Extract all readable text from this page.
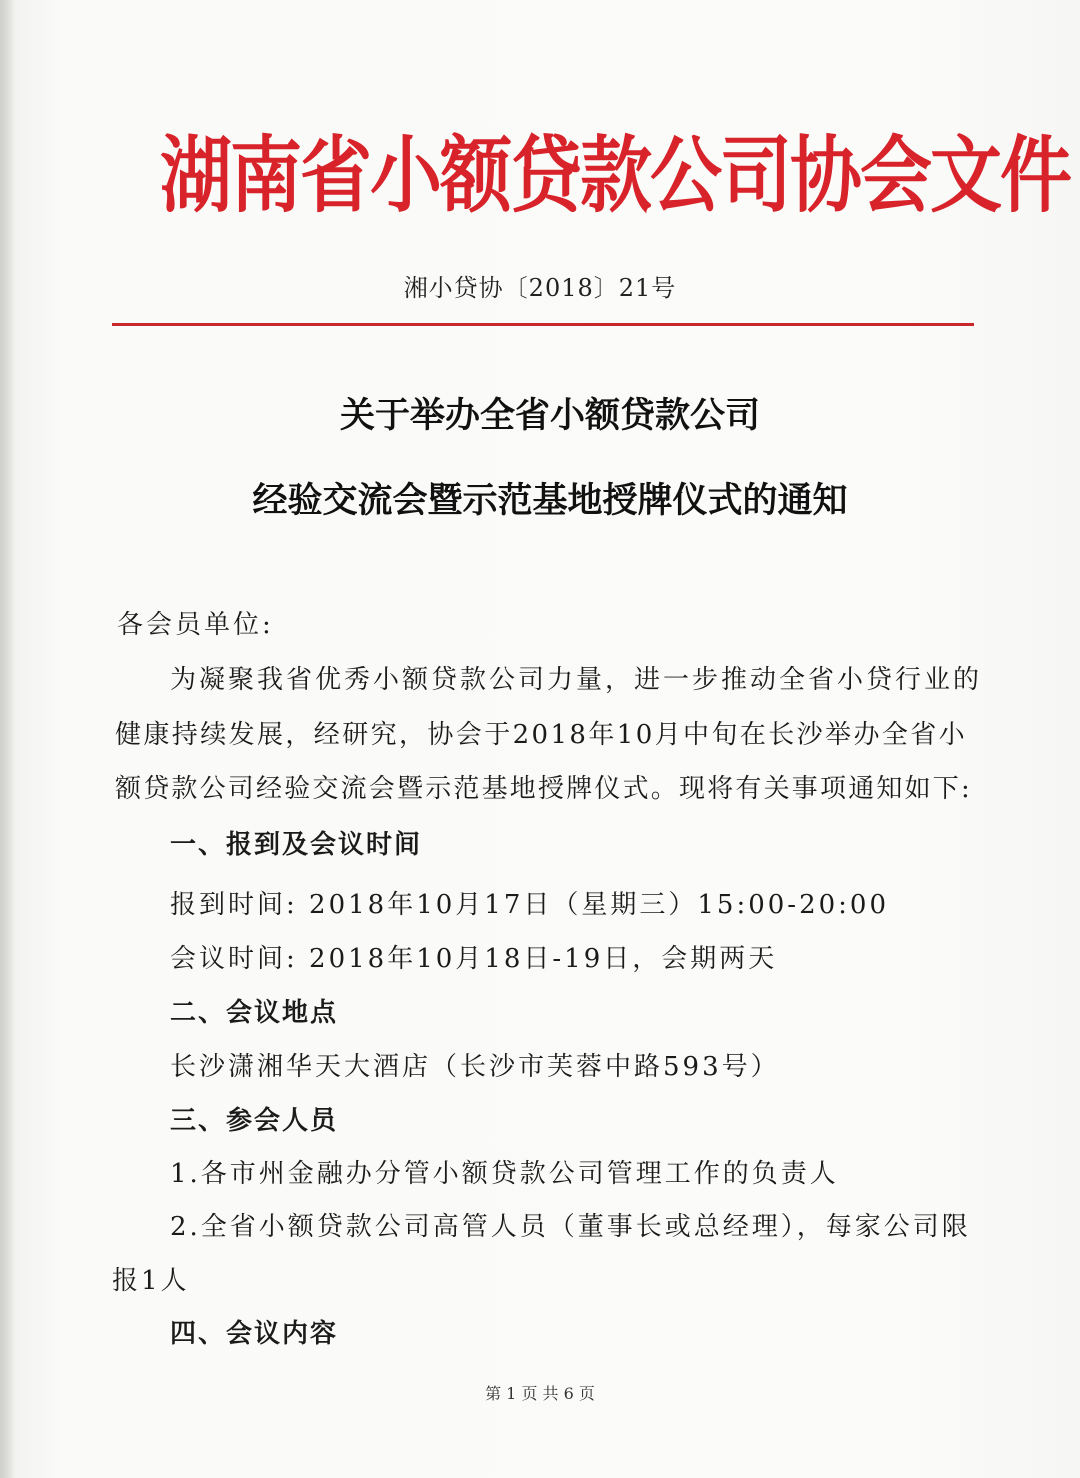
湖南省小额贷款公司协会文件
湘小贷协〔2018〕21号
关于举办全省小额贷款公司
经验交流会暨示范基地授牌仪式的通知
各会员单位:
为凝聚我省优秀小额贷款公司力量，进一步推动全省小贷行业的
健康持续发展，经研究，协会于2018年10月中旬在长沙举办全省小
额贷款公司经验交流会暨示范基地授牌仪式。现将有关事项通知如下:
一、报到及会议时间
报到时间: 2018年10月17日（星期三）15:00-20:00
会议时间: 2018年10月18日-19日，会期两天
二、会议地点
长沙潇湘华天大酒店（长沙市芙蓉中路593号）
三、参会人员
1.各市州金融办分管小额贷款公司管理工作的负责人
2.全省小额贷款公司高管人员（董事长或总经理），每家公司限
报1人
四、会议内容
第 1 页 共 6 页
